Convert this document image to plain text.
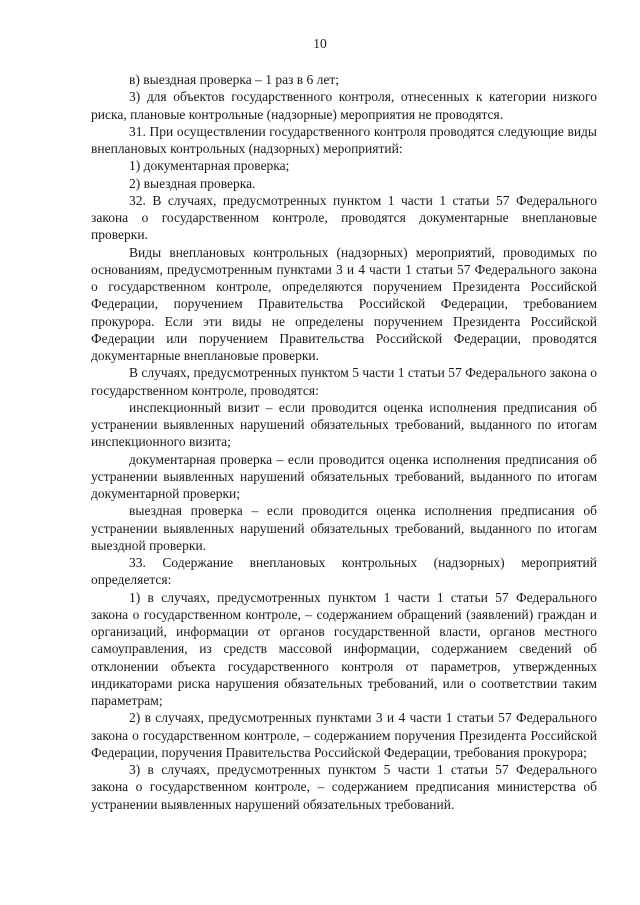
10

в) выездная проверка – 1 раз в 6 лет;

3) для объектов государственного контроля, отнесенных к категории низкого риска, плановые контрольные (надзорные) мероприятия не проводятся.

31. При осуществлении государственного контроля проводятся следующие виды внеплановых контрольных (надзорных) мероприятий:

1) документарная проверка;

2) выездная проверка.

32. В случаях, предусмотренных пунктом 1 части 1 статьи 57 Федерального закона о государственном контроле, проводятся документарные внеплановые проверки.

Виды внеплановых контрольных (надзорных) мероприятий, проводимых по основаниям, предусмотренным пунктами 3 и 4 части 1 статьи 57 Федерального закона о государственном контроле, определяются поручением Президента Российской Федерации, поручением Правительства Российской Федерации, требованием прокурора. Если эти виды не определены поручением Президента Российской Федерации или поручением Правительства Российской Федерации, проводятся документарные внеплановые проверки.

В случаях, предусмотренных пунктом 5 части 1 статьи 57 Федерального закона о государственном контроле, проводятся:

инспекционный визит – если проводится оценка исполнения предписания об устранении выявленных нарушений обязательных требований, выданного по итогам инспекционного визита;

документарная проверка – если проводится оценка исполнения предписания об устранении выявленных нарушений обязательных требований, выданного по итогам документарной проверки;

выездная проверка – если проводится оценка исполнения предписания об устранении выявленных нарушений обязательных требований, выданного по итогам выездной проверки.

33. Содержание внеплановых контрольных (надзорных) мероприятий определяется:

1) в случаях, предусмотренных пунктом 1 части 1 статьи 57 Федерального закона о государственном контроле, – содержанием обращений (заявлений) граждан и организаций, информации от органов государственной власти, органов местного самоуправления, из средств массовой информации, содержанием сведений об отклонении объекта государственного контроля от параметров, утвержденных индикаторами риска нарушения обязательных требований, или о соответствии таким параметрам;

2) в случаях, предусмотренных пунктами 3 и 4 части 1 статьи 57 Федерального закона о государственном контроле, – содержанием поручения Президента Российской Федерации, поручения Правительства Российской Федерации, требования прокурора;

3) в случаях, предусмотренных пунктом 5 части 1 статьи 57 Федерального закона о государственном контроле, – содержанием предписания министерства об устранении выявленных нарушений обязательных требований.
